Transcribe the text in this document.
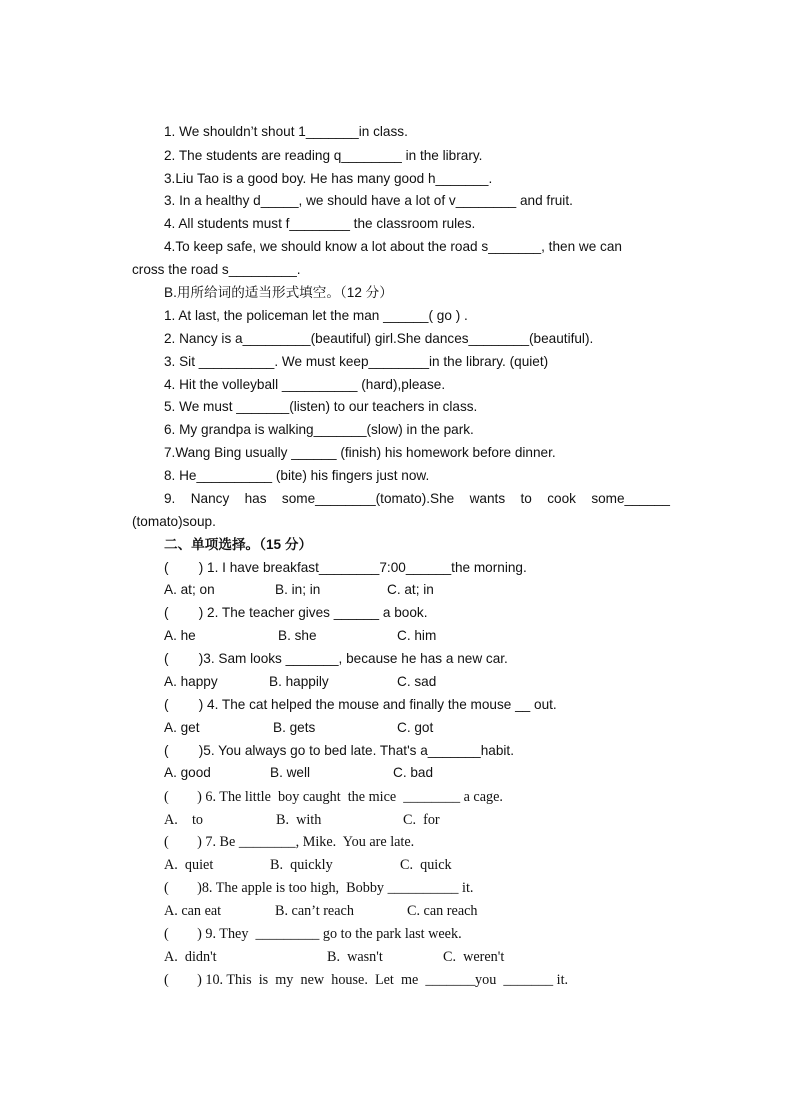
1. We shouldn’t shout 1_______in class.
2. The students are reading q________ in the library.
3.Liu Tao is a good boy. He has many good h_______.
3. In a healthy d_____, we should have a lot of v________ and fruit.
4. All students must f________ the classroom rules.
4.To keep safe, we should know a lot about the road s_______, then we can
cross the road s_________.
B.用所给词的适当形式填空。（12 分）
1. At last, the policeman let the man ______( go ) .
2. Nancy is a_________(beautiful) girl.She dances________(beautiful).
3. Sit __________. We must keep________in the library. (quiet)
4. Hit the volleyball __________ (hard),please.
5. We must _______(listen) to our teachers in class.
6. My grandpa is walking_______(slow) in the park.
7.Wang Bing usually ______ (finish) his homework before dinner.
8. He__________ (bite) his fingers just now.
9. Nancy has some________(tomato).She wants to cook some______
(tomato)soup.
二、单项选择。（15 分）
(        ) 1. I have breakfast________7:00______the morning.
A. at; on	B. in; in	C. at; in
(        ) 2. The teacher gives ______ a book.
A. he	B. she	C. him
(        )3. Sam looks _______, because he has a new car.
A. happy	B. happily	C. sad
(        ) 4. The cat helped the mouse and finally the mouse __ out.
A. get	B. gets	C. got
(        )5. You always go to bed late. That's a_______habit.
A. good	B. well	C. bad
(        ) 6. The little  boy caught  the mice  ________ a cage.
A.    to	B.  with	C.  for
(        ) 7. Be ________, Mike.  You are late.
A.  quiet	B.  quickly	C.  quick
(        )8. The apple is too high,  Bobby __________ it.
A. can eat	B. can’t reach	C. can reach
(        ) 9. They  _________ go to the park last week.
A.  didn't	B.  wasn't	C.  weren't
(        ) 10. This  is  my  new  house.  Let  me  _______you  _______ it.
